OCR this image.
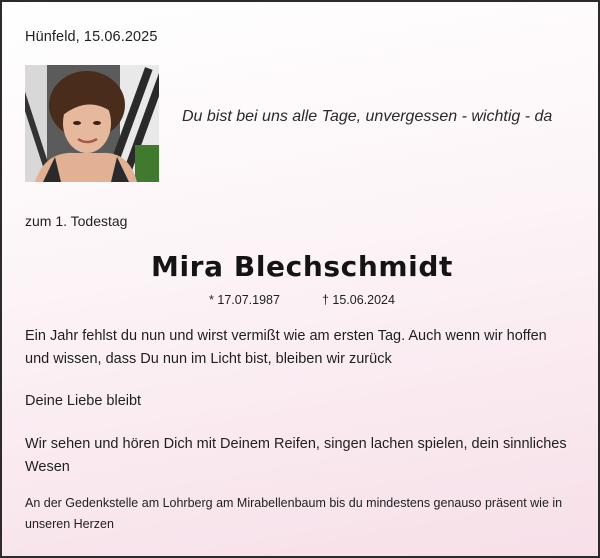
Hünfeld, 15.06.2025
Du bist bei uns alle Tage, unvergessen - wichtig - da
zum 1. Todestag
Mira Blechschmidt
* 17.07.1987	† 15.06.2024
Ein Jahr fehlst du nun und wirst vermißt wie am ersten Tag. Auch wenn wir hoffen und wissen, dass Du nun im Licht bist, bleiben wir zurück
Deine Liebe bleibt
Wir sehen und hören Dich mit Deinem Reifen, singen lachen spielen, dein sinnliches Wesen
An der Gedenkstelle am Lohrberg am Mirabellenbaum bis du mindestens genauso präsent wie in unseren Herzen
